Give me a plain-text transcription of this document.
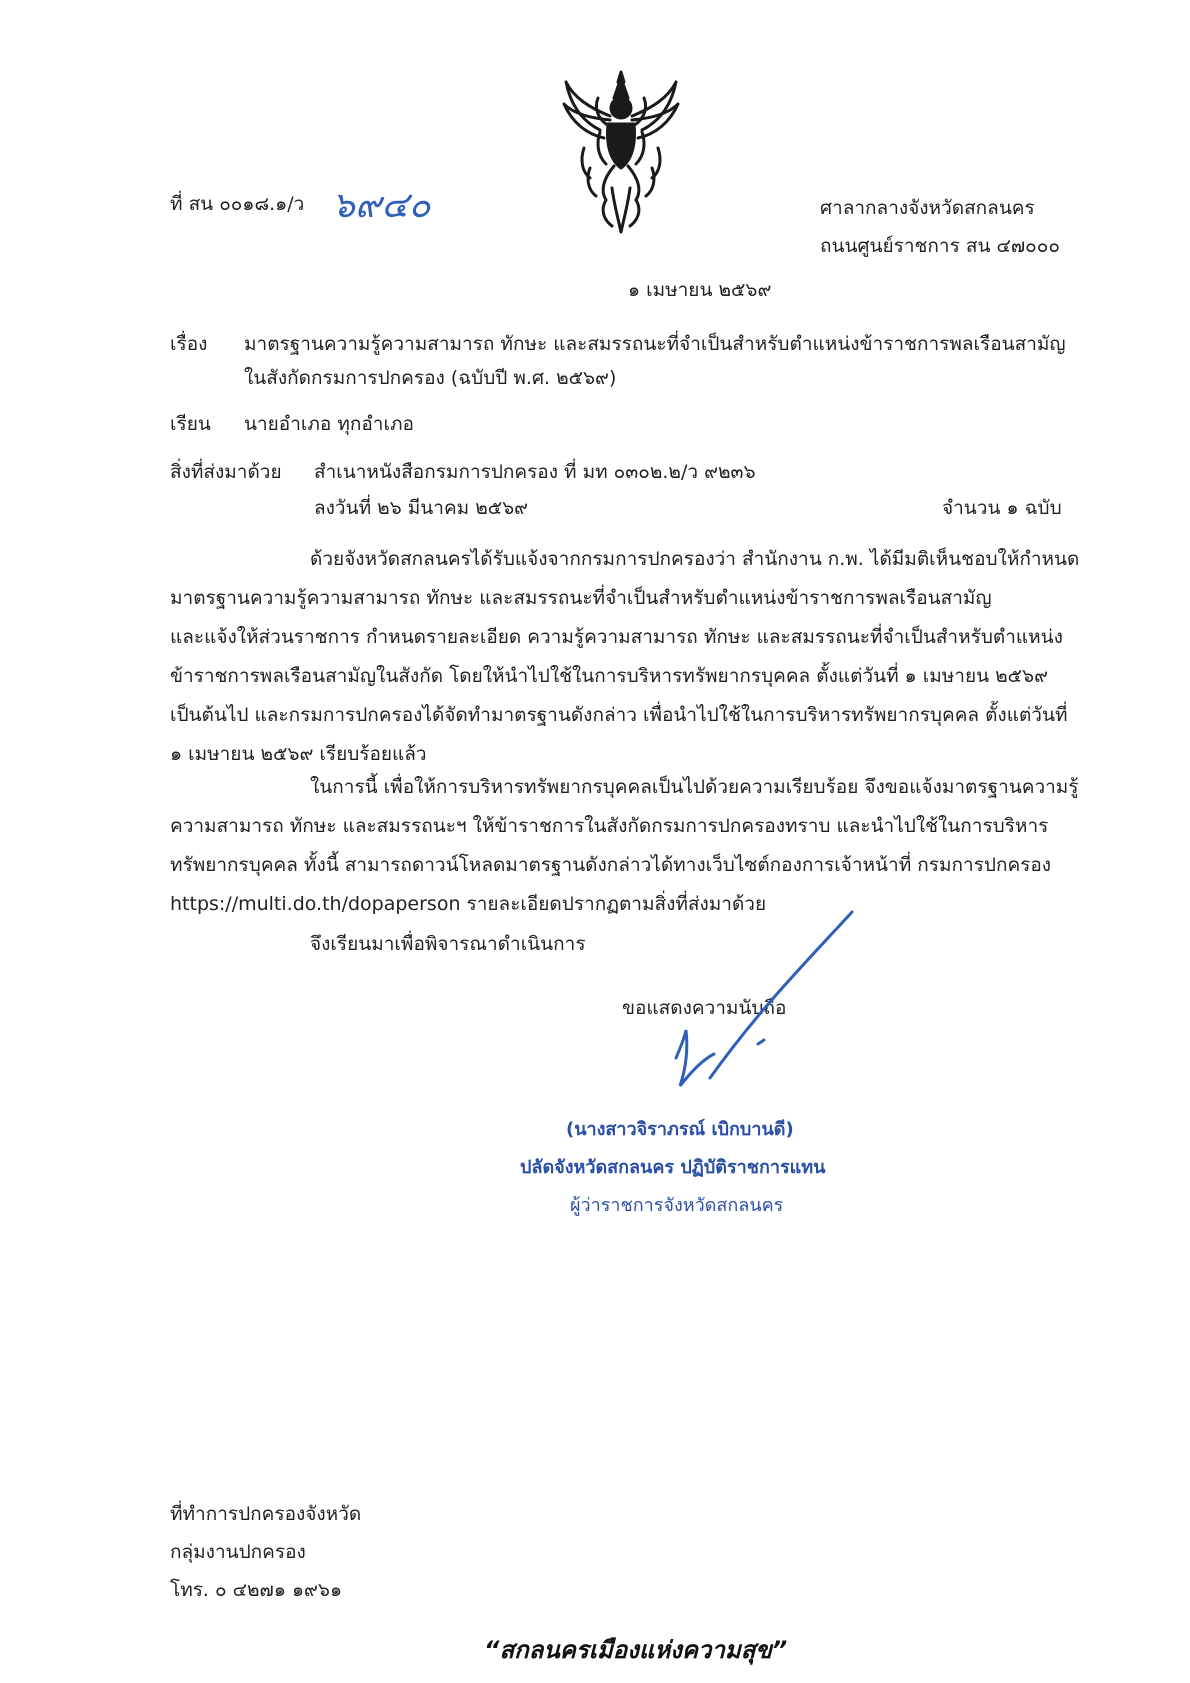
ที่ สน ๐๐๑๘.๑/ว ๖๙๔๐	ศาลากลางจังหวัดสกลนคร
ถนนศูนย์ราชการ สน ๔๗๐๐๐
๑ เมษายน ๒๕๖๙
เรื่อง มาตรฐานความรู้ความสามารถ ทักษะ และสมรรถนะที่จำเป็นสำหรับตำแหน่งข้าราชการพลเรือนสามัญ
ในสังกัดกรมการปกครอง (ฉบับปี พ.ศ. ๒๕๖๙)
เรียน นายอำเภอ ทุกอำเภอ
สิ่งที่ส่งมาด้วย สำเนาหนังสือกรมการปกครอง ที่ มท ๐๓๐๒.๒/ว ๙๒๓๖
ลงวันที่ ๒๖ มีนาคม ๒๕๖๙	จำนวน ๑ ฉบับ
ด้วยจังหวัดสกลนครได้รับแจ้งจากกรมการปกครองว่า สำนักงาน ก.พ. ได้มีมติเห็นชอบให้กำหนด
มาตรฐานความรู้ความสามารถ ทักษะ และสมรรถนะที่จำเป็นสำหรับตำแหน่งข้าราชการพลเรือนสามัญ
และแจ้งให้ส่วนราชการ กำหนดรายละเอียด ความรู้ความสามารถ ทักษะ และสมรรถนะที่จำเป็นสำหรับตำแหน่ง
ข้าราชการพลเรือนสามัญในสังกัด โดยให้นำไปใช้ในการบริหารทรัพยากรบุคคล ตั้งแต่วันที่ ๑ เมษายน ๒๕๖๙
เป็นต้นไป และกรมการปกครองได้จัดทำมาตรฐานดังกล่าว เพื่อนำไปใช้ในการบริหารทรัพยากรบุคคล ตั้งแต่วันที่
๑ เมษายน ๒๕๖๙ เรียบร้อยแล้ว
ในการนี้ เพื่อให้การบริหารทรัพยากรบุคคลเป็นไปด้วยความเรียบร้อย จึงขอแจ้งมาตรฐานความรู้
ความสามารถ ทักษะ และสมรรถนะฯ ให้ข้าราชการในสังกัดกรมการปกครองทราบ และนำไปใช้ในการบริหาร
ทรัพยากรบุคคล ทั้งนี้ สามารถดาวน์โหลดมาตรฐานดังกล่าวได้ทางเว็บไซต์กองการเจ้าหน้าที่ กรมการปกครอง
https://multi.do.th/dopaperson รายละเอียดปรากฏตามสิ่งที่ส่งมาด้วย
จึงเรียนมาเพื่อพิจารณาดำเนินการ
ขอแสดงความนับถือ
(นางสาวจิราภรณ์ เบิกบานดี)
ปลัดจังหวัดสกลนคร ปฏิบัติราชการแทน
ผู้ว่าราชการจังหวัดสกลนคร
ที่ทำการปกครองจังหวัด
กลุ่มงานปกครอง
โทร. ๐ ๔๒๗๑ ๑๙๖๑
“สกลนครเมืองแห่งความสุข”
